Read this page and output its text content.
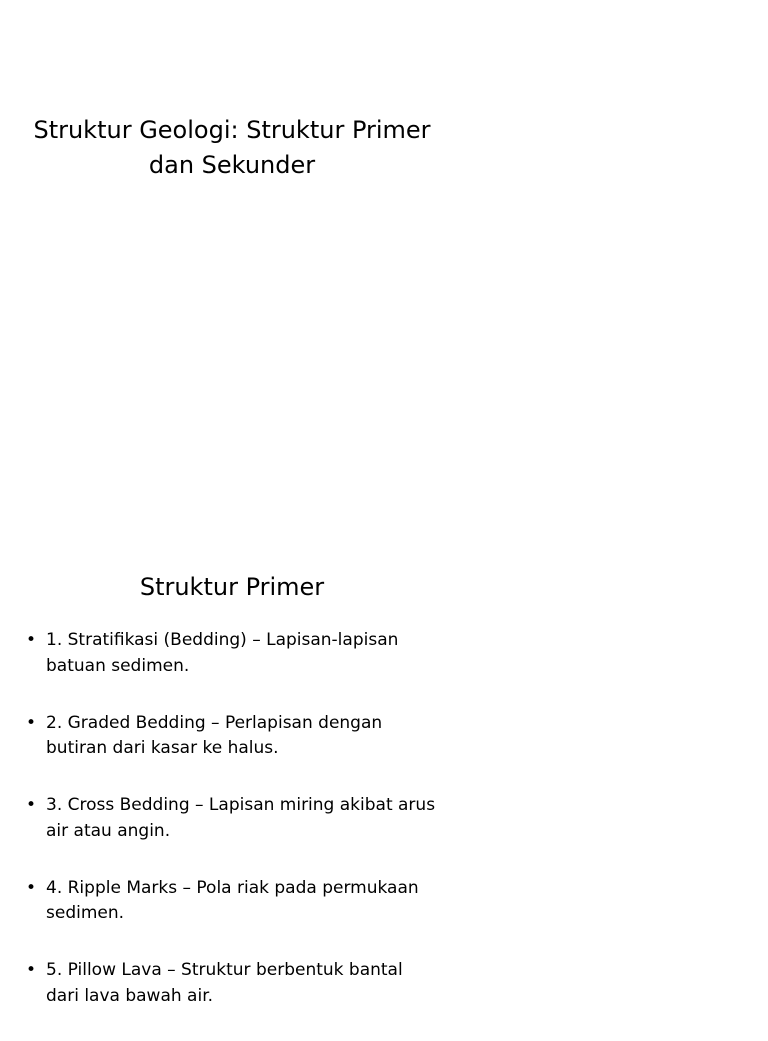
Struktur Geologi: Struktur Primer dan Sekunder
Struktur Primer
• 1. Stratifikasi (Bedding) – Lapisan-lapisan batuan sedimen.
• 2. Graded Bedding – Perlapisan dengan butiran dari kasar ke halus.
• 3. Cross Bedding – Lapisan miring akibat arus air atau angin.
• 4. Ripple Marks – Pola riak pada permukaan sedimen.
• 5. Pillow Lava – Struktur berbentuk bantal dari lava bawah air.
